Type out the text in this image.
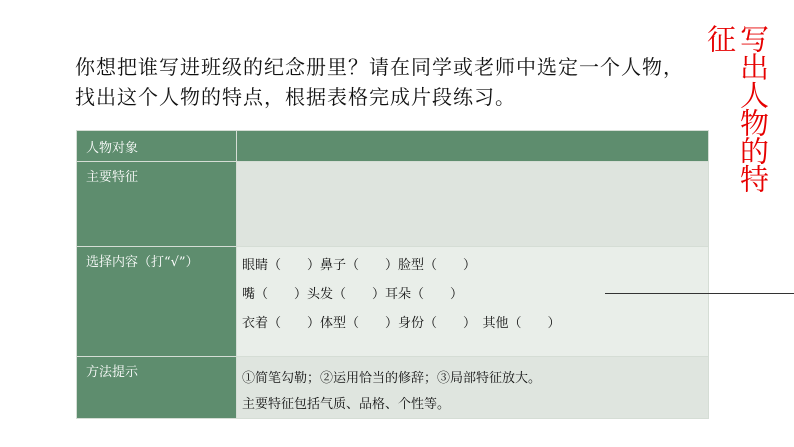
你想把谁写进班级的纪念册里？请在同学或老师中选定一个人物，
找出这个人物的特点，根据表格完成片段练习。	写出人物的特
征
人物对象	
主要特征	
选择内容（打“√”）	眼睛（　　）鼻子（　　）脸型（　　）
嘴（　　）头发（　　）耳朵（　　）
衣着（　　）体型（　　）身份（　　）　其他（　　）

方法提示	①简笔勾勒；②运用恰当的修辞；③局部特征放大。
主要特征包括气质、品格、个性等。
